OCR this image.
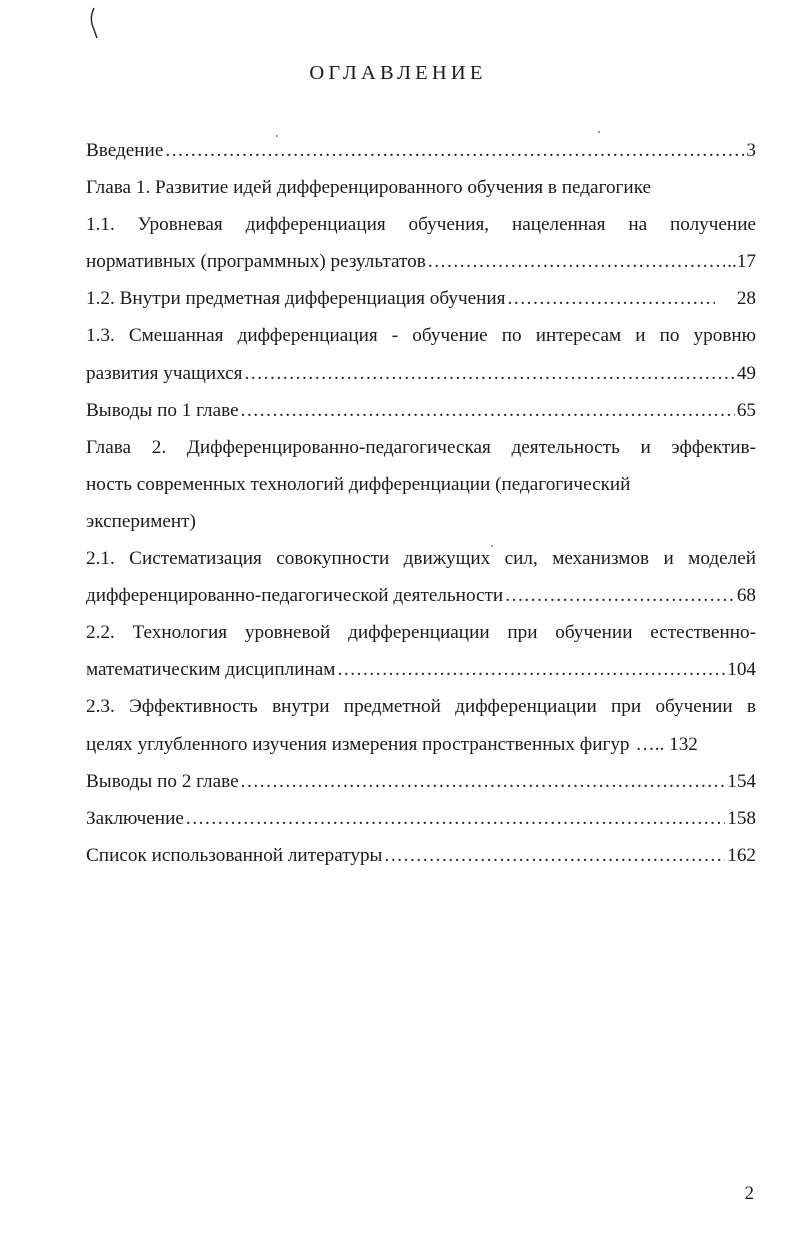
ОГЛАВЛЕНИЕ
Введение . . .	3
Глава 1. Развитие идей дифференцированного обучения в педагогике
1.1. Уровневая дифференциация обучения, нацеленная на получение
нормативных (программных) результатов . . .	..17
1.2. Внутри предметная дифференциация обучения . . .	28
1.3. Смешанная дифференциация - обучение по интересам и по уровню
развития учащихся . . .	49
Выводы по 1 главе . . .	65
Глава 2. Дифференцированно-педагогическая деятельность и эффектив-
ность современных технологий дифференциации (педагогический
эксперимент)
2.1. Систематизация совокупности движущих сил, механизмов и моделей
дифференцированно-педагогической деятельности . . .	68
2.2. Технология уровневой дифференциации при обучении естественно-
математическим дисциплинам . . .	104
2.3. Эффективность внутри предметной дифференциации при обучении в
целях углубленного изучения измерения пространственных фигур ….. 132
Выводы по 2 главе . . .	154
Заключение . . .	158
Список использованной литературы . . .	162
2
